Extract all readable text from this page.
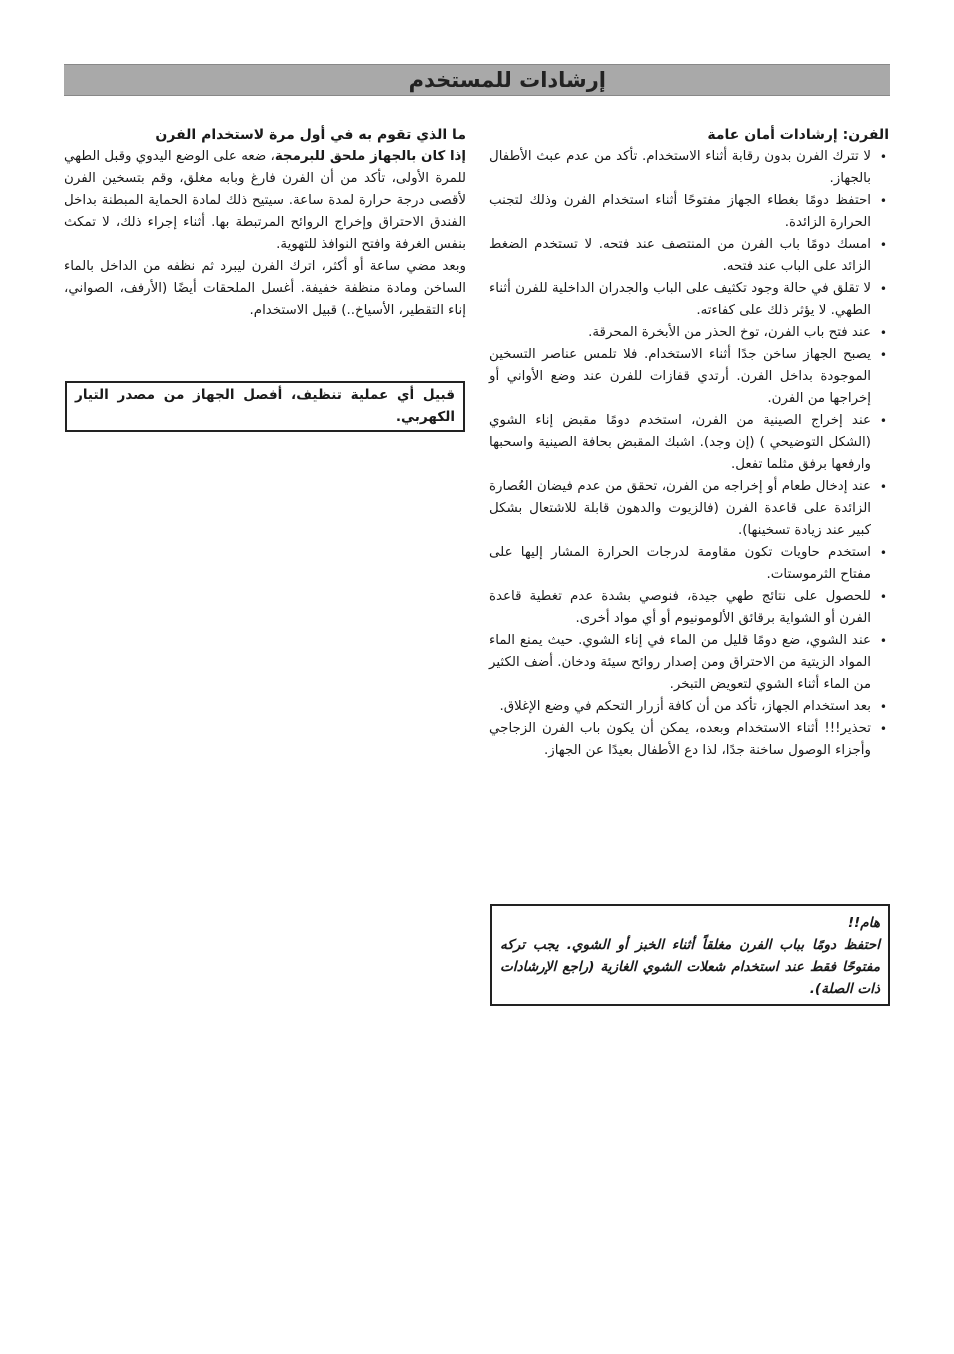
إرشادات للمستخدم
الفرن: إرشادات أمان عامة
• لا تترك الفرن بدون رقابة أثناء الاستخدام. تأكد من عدم عبث الأطفال بالجهاز.
• احتفظ دومًا بغطاء الجهاز مفتوحًا أثناء استخدام الفرن وذلك لتجنب الحرارة الزائدة.
• امسك دومًا باب الفرن من المنتصف عند فتحه. لا تستخدم الضغط الزائد على الباب عند فتحه.
• لا تقلق في حالة وجود تكثيف على الباب والجدران الداخلية للفرن أثناء الطهي. لا يؤثر ذلك على كفاءته.
• عند فتح باب الفرن، توخ الحذر من الأبخرة المحرقة.
• يصبح الجهاز ساخن جدًا أثناء الاستخدام. فلا تلمس عناصر التسخين الموجودة بداخل الفرن. أرتدي قفازات للفرن عند وضع الأواني أو إخراجها من الفرن.
• عند إخراج الصينية من الفرن، استخدم دومًا مقبض إناء الشوي (الشكل التوضيحي ) (إن وجد). اشبك المقبض بحافة الصينية واسحبها وارفعها برفق مثلما تفعل.
• عند إدخال طعام أو إخراجه من الفرن، تحقق من عدم فيضان العُصارة الزائدة على قاعدة الفرن (فالزيوت والدهون قابلة للاشتعال بشكل كبير عند زيادة تسخينها).
• استخدم حاويات تكون مقاومة لدرجات الحرارة المشار إليها على مفتاح الثرموستات.
• للحصول على نتائج طهي جيدة، فنوصي بشدة عدم تغطية قاعدة الفرن أو الشواية برقائق الألومونيوم أو أي مواد أخرى.
• عند الشوي، ضع دومًا قليل من الماء في إناء الشوي. حيث يمنع الماء المواد الزيتية من الاحتراق ومن إصدار روائح سيئة ودخان. أضف الكثير من الماء أثناء الشوي لتعويض التبخر.
• بعد استخدام الجهاز، تأكد من أن كافة أزرار التحكم في وضع الإغلاق.
• تحذير!!! أثناء الاستخدام وبعده، يمكن أن يكون باب الفرن الزجاجي وأجزاء الوصول ساخنة جدًا، لذا دع الأطفال بعيدًا عن الجهاز.
ما الذي تقوم به في أول مرة لاستخدام الفرن

إذا كان بالجهاز ملحق للبرمجة، ضعه على الوضع اليدوي وقبل الطهي للمرة الأولى، تأكد من أن الفرن فارغ وبابه مغلق، وقم بتسخين الفرن لأقصى درجة حرارة لمدة ساعة. سيتيح ذلك لمادة الحماية المبطنة بداخل الفندق الاحتراق وإخراج الروائح المرتبطة بها. أثناء إجراء ذلك، لا تمكث بنفس الغرفة وافتح النوافذ للتهوية.

وبعد مضي ساعة أو أكثر، اترك الفرن ليبرد ثم نظفه من الداخل بالماء الساخن ومادة منظفة خفيفة. أغسل الملحقات أيضًا (الأرفف، الصواني، إناء التقطير، الأسياخ..) قبيل الاستخدام.

قبيل أي عملية تنظيف، أفصل الجهاز من مصدر التيار الكهربي.
هام!!
احتفظ دومًا بباب الفرن مغلقاً أثناء الخبز أو الشوي. يجب تركه مفتوحًا فقط عند استخدام شعلات الشوي الغازية (راجع الإرشادات ذات الصلة).
